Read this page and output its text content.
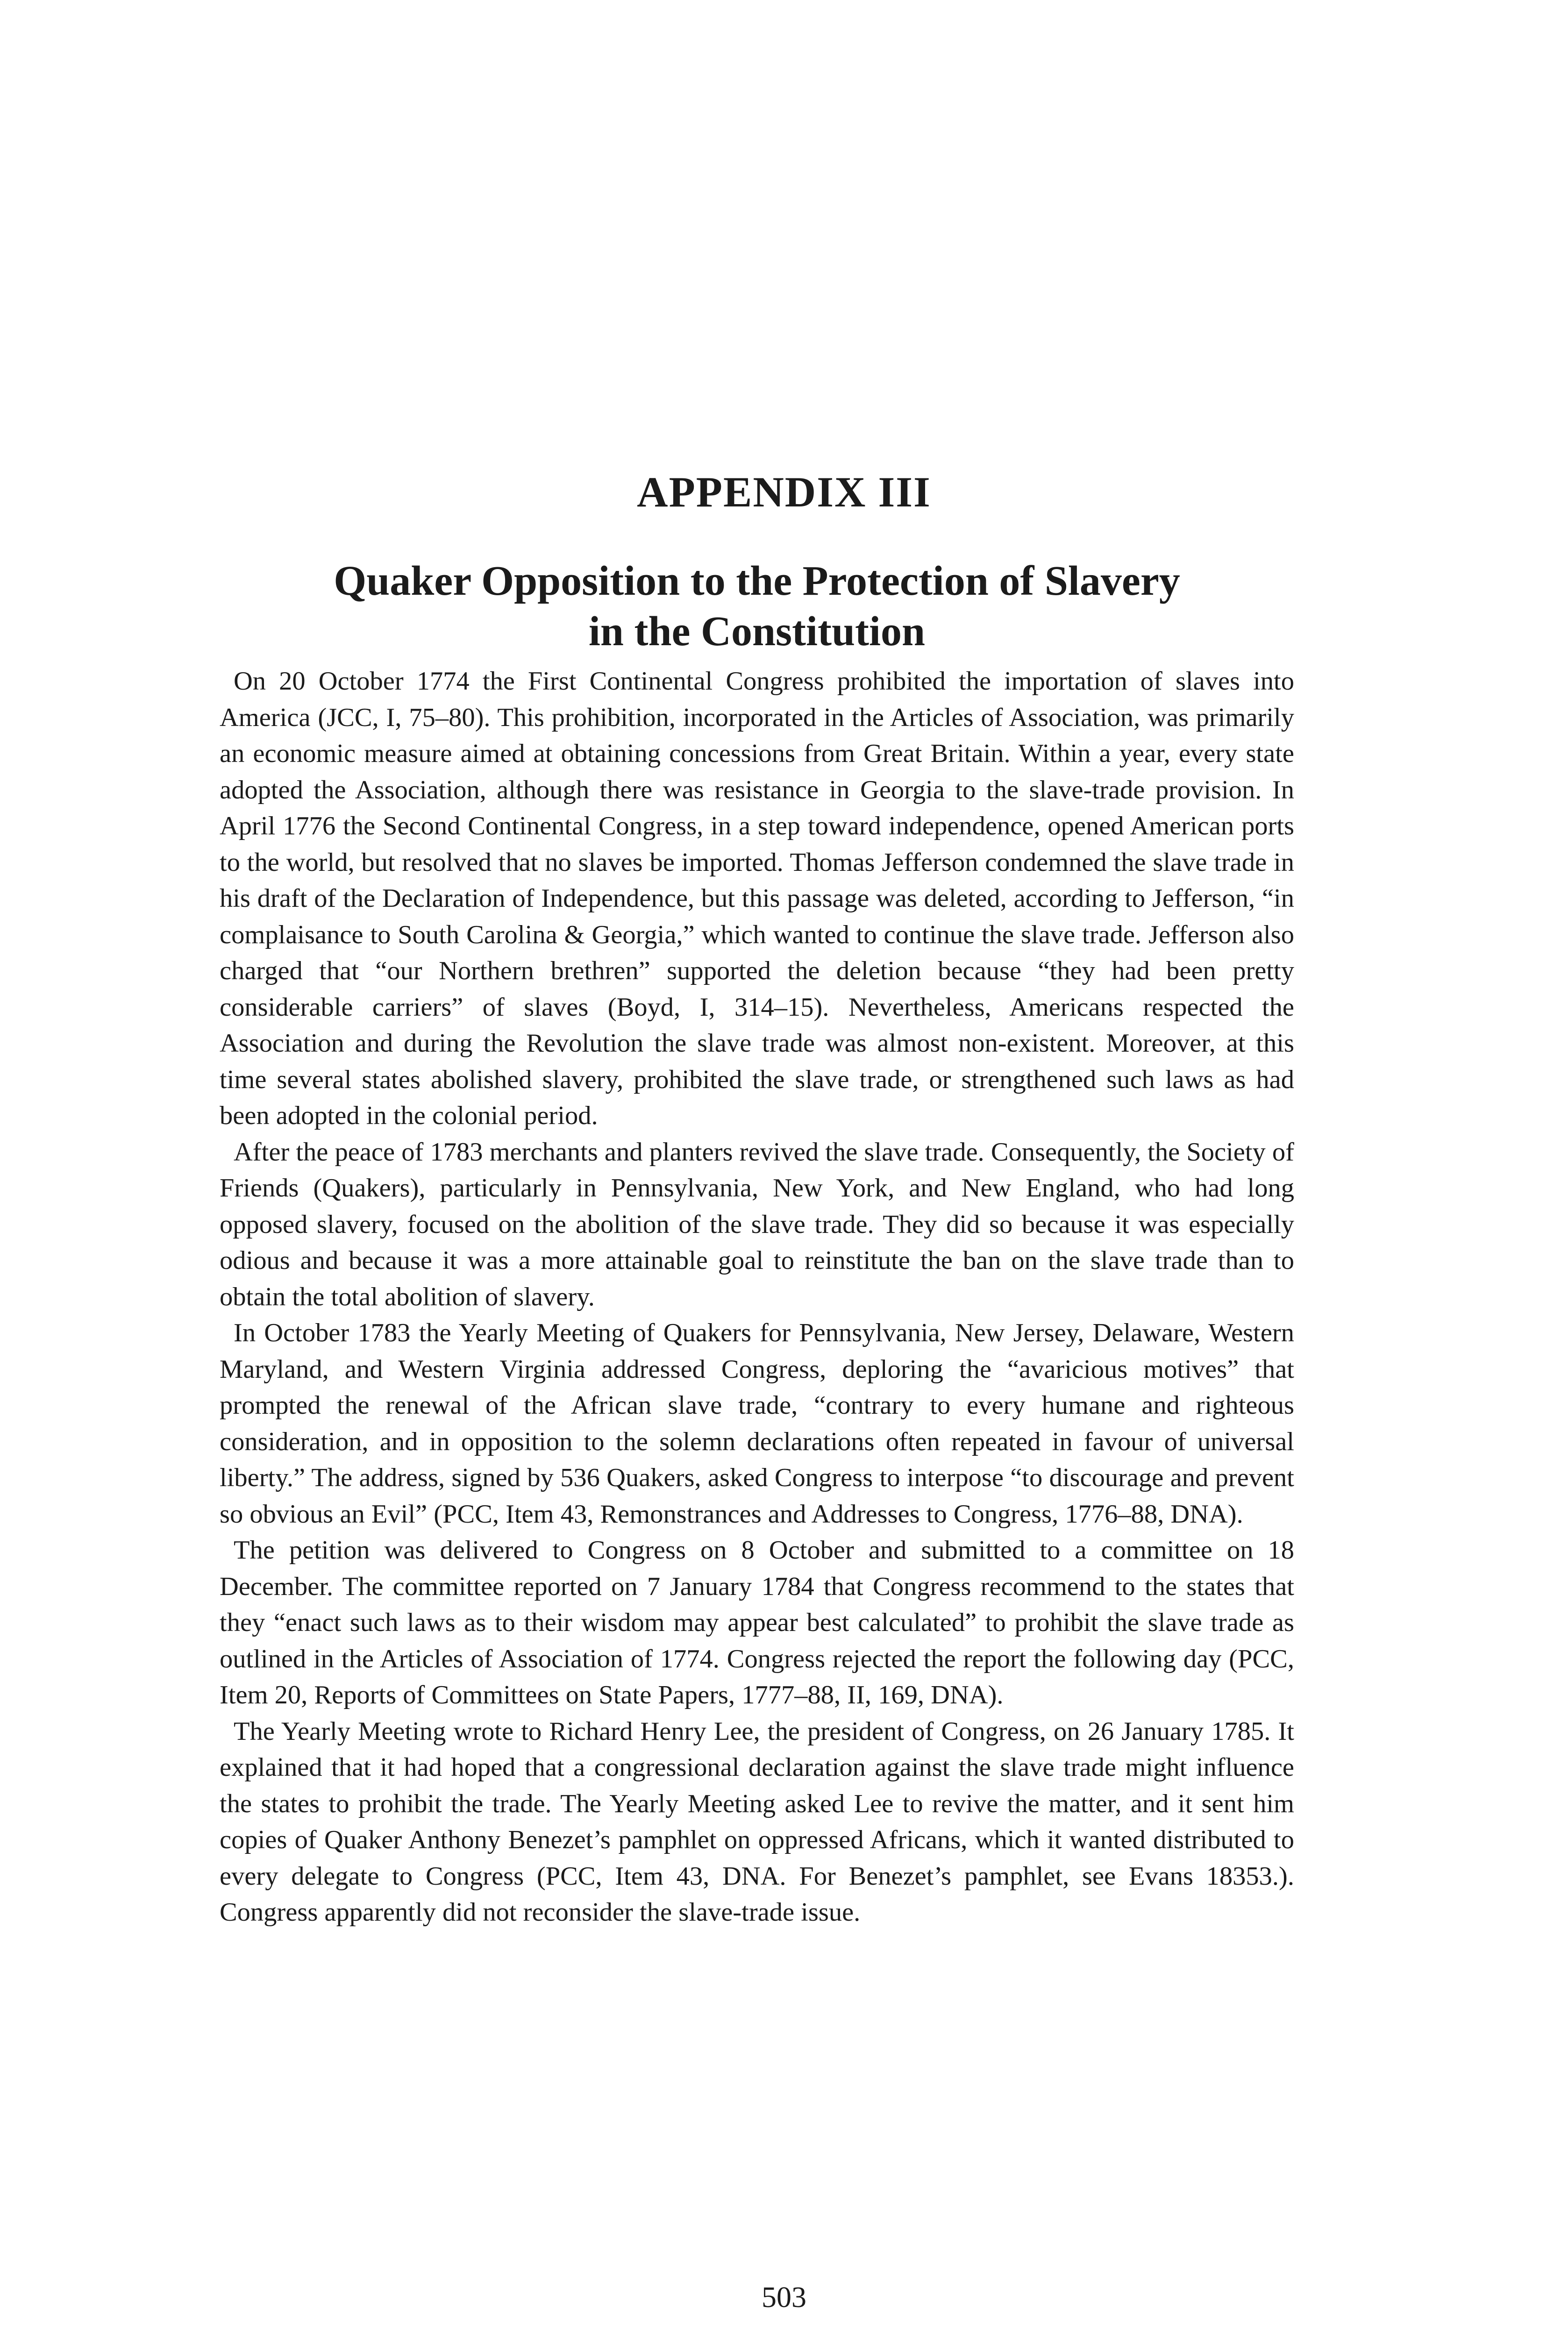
APPENDIX III
Quaker Opposition to the Protection of Slavery
in the Constitution

On 20 October 1774 the First Continental Congress prohibited the importation of slaves into America (JCC, I, 75–80). This prohibition, incorporated in the Articles of Association, was primarily an economic measure aimed at obtaining concessions from Great Britain. Within a year, every state adopted the Association, although there was resistance in Georgia to the slave-trade provision. In April 1776 the Second Continental Congress, in a step toward independence, opened American ports to the world, but resolved that no slaves be imported. Thomas Jefferson condemned the slave trade in his draft of the Declaration of Independence, but this passage was deleted, according to Jefferson, “in complaisance to South Carolina & Georgia,” which wanted to continue the slave trade. Jefferson also charged that “our Northern brethren” supported the deletion because “they had been pretty considerable carriers” of slaves (Boyd, I, 314–15). Nevertheless, Americans respected the Association and during the Revolution the slave trade was almost non-existent. Moreover, at this time several states abolished slavery, prohibited the slave trade, or strengthened such laws as had been adopted in the colonial period.

After the peace of 1783 merchants and planters revived the slave trade. Consequently, the Society of Friends (Quakers), particularly in Pennsylvania, New York, and New England, who had long opposed slavery, focused on the abolition of the slave trade. They did so because it was especially odious and because it was a more attainable goal to reinstitute the ban on the slave trade than to obtain the total abolition of slavery.

In October 1783 the Yearly Meeting of Quakers for Pennsylvania, New Jersey, Delaware, Western Maryland, and Western Virginia addressed Congress, deploring the “avaricious motives” that prompted the renewal of the African slave trade, “contrary to every humane and righteous consideration, and in opposition to the solemn declarations often repeated in favour of universal liberty.” The address, signed by 536 Quakers, asked Congress to interpose “to discourage and prevent so obvious an Evil” (PCC, Item 43, Remonstrances and Addresses to Congress, 1776–88, DNA).

The petition was delivered to Congress on 8 October and submitted to a committee on 18 December. The committee reported on 7 January 1784 that Congress recommend to the states that they “enact such laws as to their wisdom may appear best calculated” to prohibit the slave trade as outlined in the Articles of Association of 1774. Congress rejected the report the following day (PCC, Item 20, Reports of Committees on State Papers, 1777–88, II, 169, DNA).

The Yearly Meeting wrote to Richard Henry Lee, the president of Congress, on 26 January 1785. It explained that it had hoped that a congressional declaration against the slave trade might influence the states to prohibit the trade. The Yearly Meeting asked Lee to revive the matter, and it sent him copies of Quaker Anthony Benezet’s pamphlet on oppressed Africans, which it wanted distributed to every delegate to Congress (PCC, Item 43, DNA. For Benezet’s pamphlet, see Evans 18353.). Congress apparently did not reconsider the slave-trade issue.

503
